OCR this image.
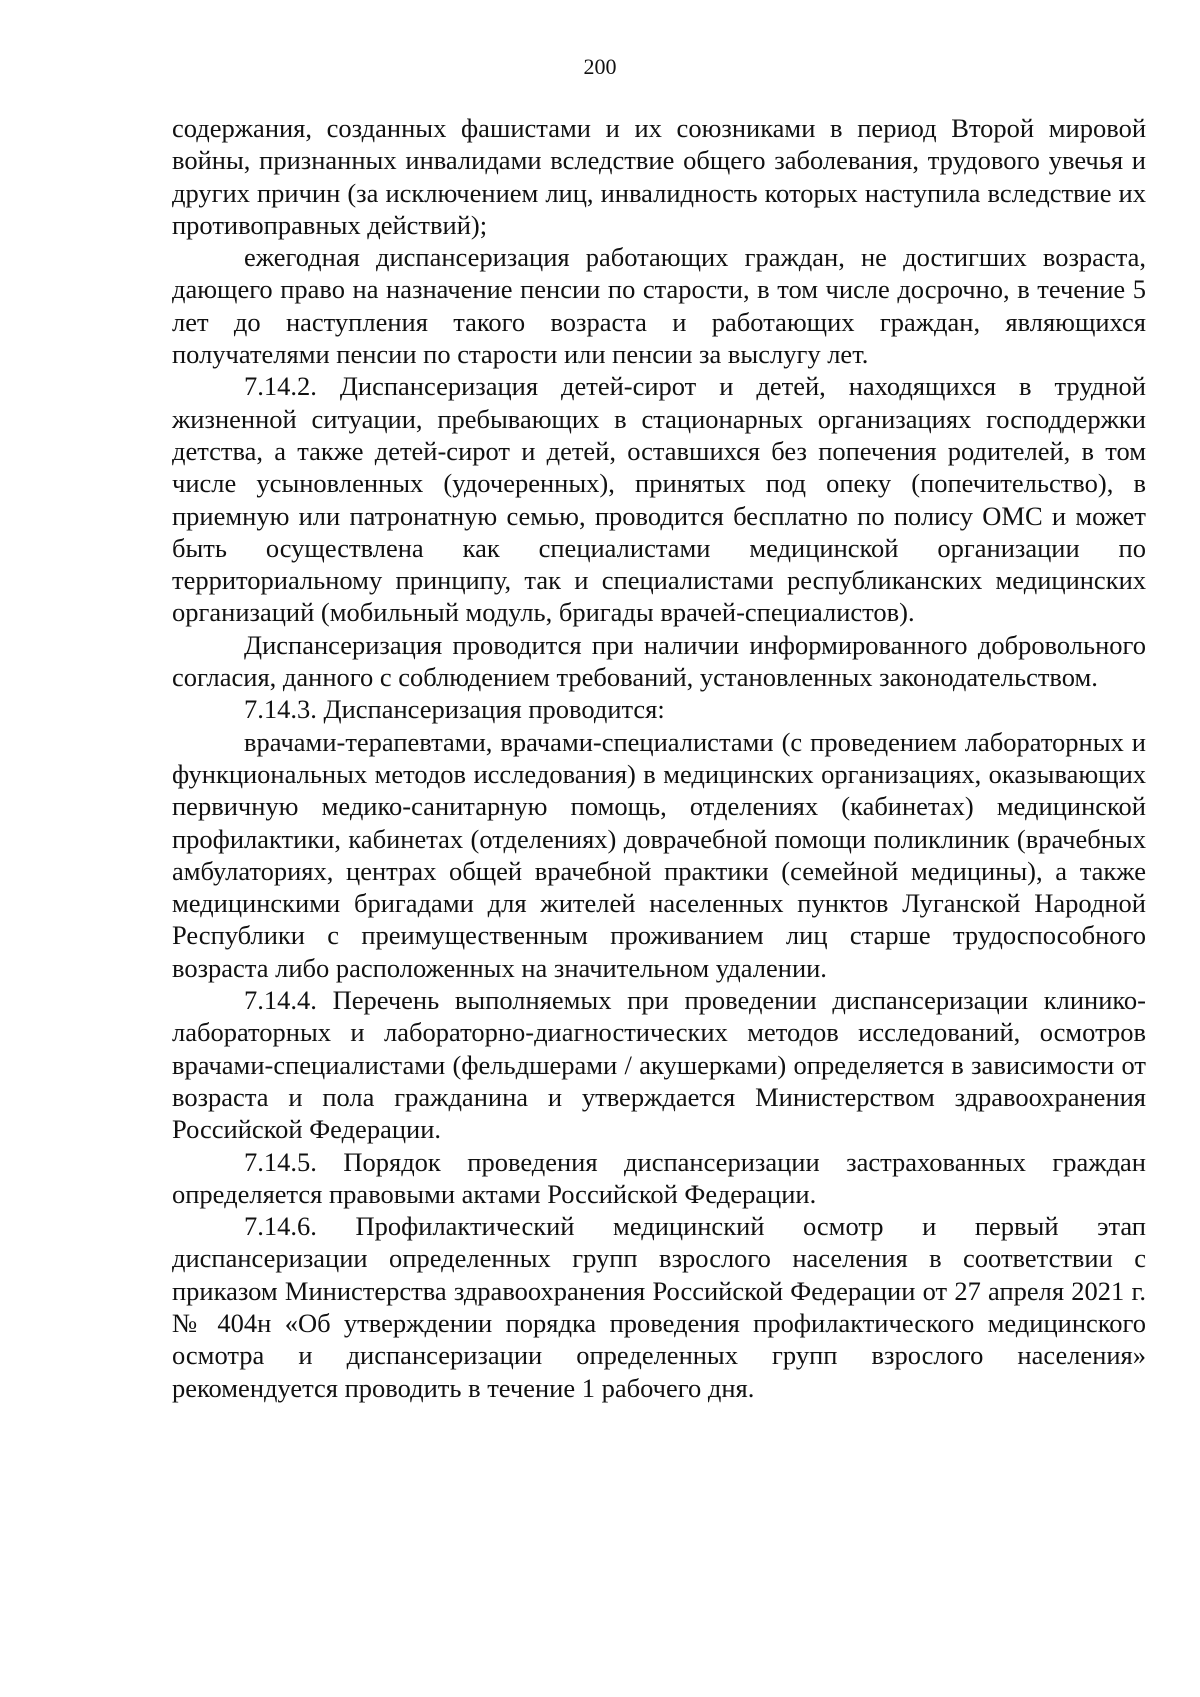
200

содержания, созданных фашистами и их союзниками в период Второй мировой войны, признанных инвалидами вследствие общего заболевания, трудового увечья и других причин (за исключением лиц, инвалидность которых наступила вследствие их противоправных действий);

ежегодная диспансеризация работающих граждан, не достигших возраста, дающего право на назначение пенсии по старости, в том числе досрочно, в течение 5 лет до наступления такого возраста и работающих граждан, являющихся получателями пенсии по старости или пенсии за выслугу лет.

7.14.2. Диспансеризация детей-сирот и детей, находящихся в трудной жизненной ситуации, пребывающих в стационарных организациях господдержки детства, а также детей-сирот и детей, оставшихся без попечения родителей, в том числе усыновленных (удочеренных), принятых под опеку (попечительство), в приемную или патронатную семью, проводится бесплатно по полису ОМС и может быть осуществлена как специалистами медицинской организации по территориальному принципу, так и специалистами республиканских медицинских организаций (мобильный модуль, бригады врачей-специалистов).

Диспансеризация проводится при наличии информированного добровольного согласия, данного с соблюдением требований, установленных законодательством.

7.14.3. Диспансеризация проводится:

врачами-терапевтами, врачами-специалистами (с проведением лабораторных и функциональных методов исследования) в медицинских организациях, оказывающих первичную медико-санитарную помощь, отделениях (кабинетах) медицинской профилактики, кабинетах (отделениях) доврачебной помощи поликлиник (врачебных амбулаториях, центрах общей врачебной практики (семейной медицины), а также медицинскими бригадами для жителей населенных пунктов Луганской Народной Республики с преимущественным проживанием лиц старше трудоспособного возраста либо расположенных на значительном удалении.

7.14.4. Перечень выполняемых при проведении диспансеризации клинико-лабораторных и лабораторно-диагностических методов исследований, осмотров врачами-специалистами (фельдшерами / акушерками) определяется в зависимости от возраста и пола гражданина и утверждается Министерством здравоохранения Российской Федерации.

7.14.5. Порядок проведения диспансеризации застрахованных граждан определяется правовыми актами Российской Федерации.

7.14.6. Профилактический медицинский осмотр и первый этап диспансеризации определенных групп взрослого населения в соответствии с приказом Министерства здравоохранения Российской Федерации от 27 апреля 2021 г. № 404н «Об утверждении порядка проведения профилактического медицинского осмотра и диспансеризации определенных групп взрослого населения» рекомендуется проводить в течение 1 рабочего дня.
